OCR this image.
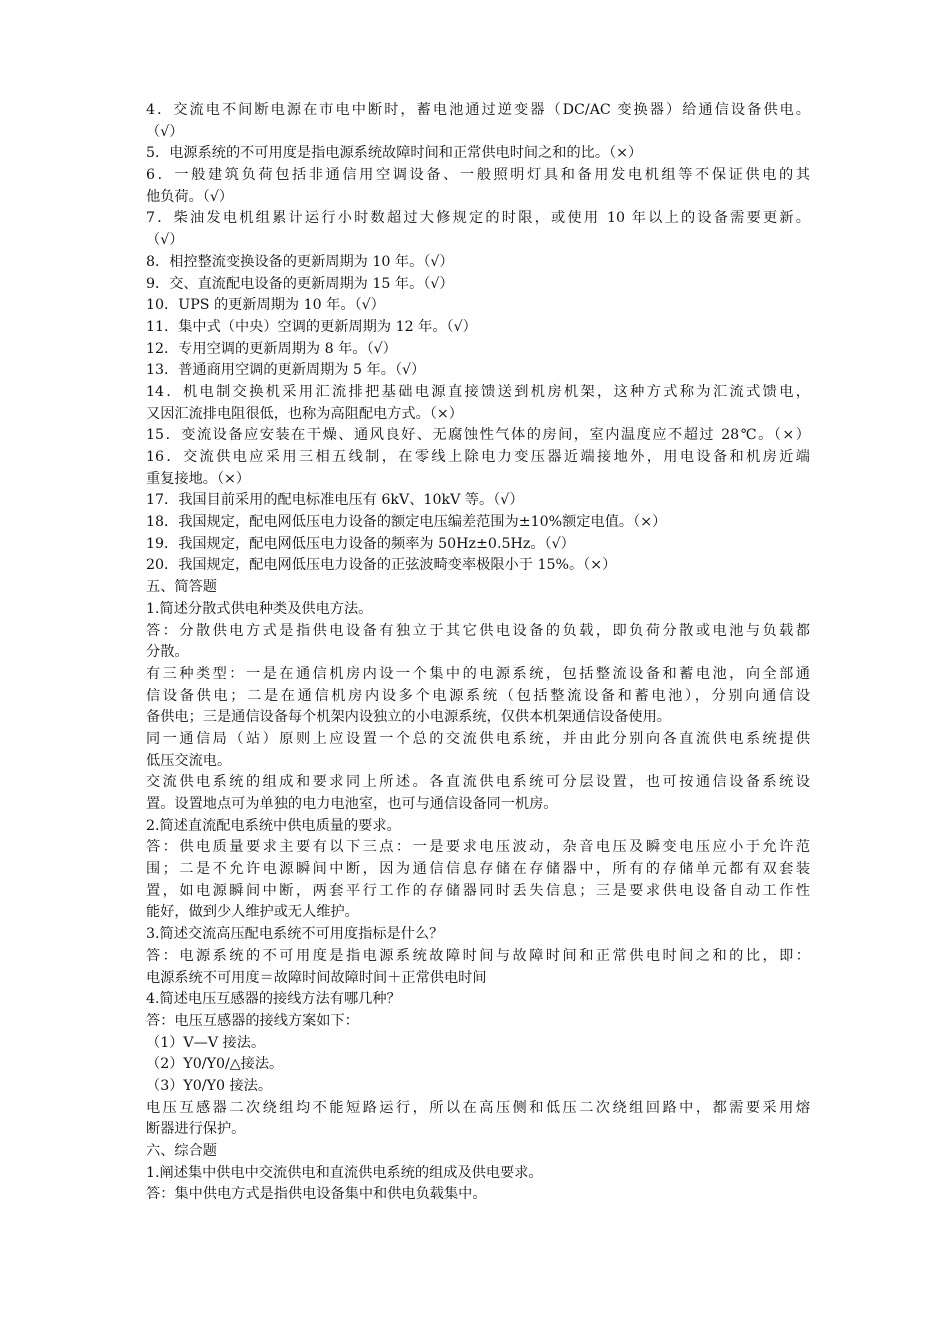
4．交流电不间断电源在市电中断时，蓄电池通过逆变器（DC/AC 变换器）给通信设备供电。
（√）
5．电源系统的不可用度是指电源系统故障时间和正常供电时间之和的比。（×）
6．一般建筑负荷包括非通信用空调设备、一般照明灯具和备用发电机组等不保证供电的其
他负荷。（√）
7．柴油发电机组累计运行小时数超过大修规定的时限，或使用 10 年以上的设备需要更新。
（√）
8．相控整流变换设备的更新周期为 10 年。（√）
9．交、直流配电设备的更新周期为 15 年。（√）
10．UPS 的更新周期为 10 年。（√）
11．集中式（中央）空调的更新周期为 12 年。（√）
12．专用空调的更新周期为 8 年。（√）
13．普通商用空调的更新周期为 5 年。（√）
14．机电制交换机采用汇流排把基础电源直接馈送到机房机架，这种方式称为汇流式馈电，
又因汇流排电阻很低，也称为高阻配电方式。（×）
15．变流设备应安装在干燥、通风良好、无腐蚀性气体的房间，室内温度应不超过 28℃。（×）
16．交流供电应采用三相五线制，在零线上除电力变压器近端接地外，用电设备和机房近端
重复接地。（×）
17．我国目前采用的配电标准电压有 6kV、10kV 等。（√）
18．我国规定，配电网低压电力设备的额定电压编差范围为±10%额定电值。（×）
19．我国规定，配电网低压电力设备的频率为 50Hz±0.5Hz。（√）
20．我国规定，配电网低压电力设备的正弦波畸变率极限小于 15%。（×）
五、简答题
1.简述分散式供电种类及供电方法。
答：分散供电方式是指供电设备有独立于其它供电设备的负载，即负荷分散或电池与负载都
分散。
有三种类型：一是在通信机房内设一个集中的电源系统，包括整流设备和蓄电池，向全部通
信设备供电；二是在通信机房内设多个电源系统（包括整流设备和蓄电池），分别向通信设
备供电；三是通信设备每个机架内设独立的小电源系统，仅供本机架通信设备使用。
同一通信局（站）原则上应设置一个总的交流供电系统，并由此分别向各直流供电系统提供
低压交流电。
交流供电系统的组成和要求同上所述。各直流供电系统可分层设置，也可按通信设备系统设
置。设置地点可为单独的电力电池室，也可与通信设备同一机房。
2.简述直流配电系统中供电质量的要求。
答：供电质量要求主要有以下三点：一是要求电压波动，杂音电压及瞬变电压应小于允许范
围；二是不允许电源瞬间中断，因为通信信息存储在存储器中，所有的存储单元都有双套装
置，如电源瞬间中断，两套平行工作的存储器同时丢失信息；三是要求供电设备自动工作性
能好，做到少人维护或无人维护。
3.简述交流高压配电系统不可用度指标是什么？
答：电源系统的不可用度是指电源系统故障时间与故障时间和正常供电时间之和的比，即：
电源系统不可用度＝故障时间故障时间＋正常供电时间
4.简述电压互感器的接线方法有哪几种？
答：电压互感器的接线方案如下：
（1）V—V 接法。
（2）Y0/Y0/△接法。
（3）Y0/Y0 接法。
电压互感器二次绕组均不能短路运行，所以在高压侧和低压二次绕组回路中，都需要采用熔
断器进行保护。
六、综合题
1.阐述集中供电中交流供电和直流供电系统的组成及供电要求。
答：集中供电方式是指供电设备集中和供电负载集中。
